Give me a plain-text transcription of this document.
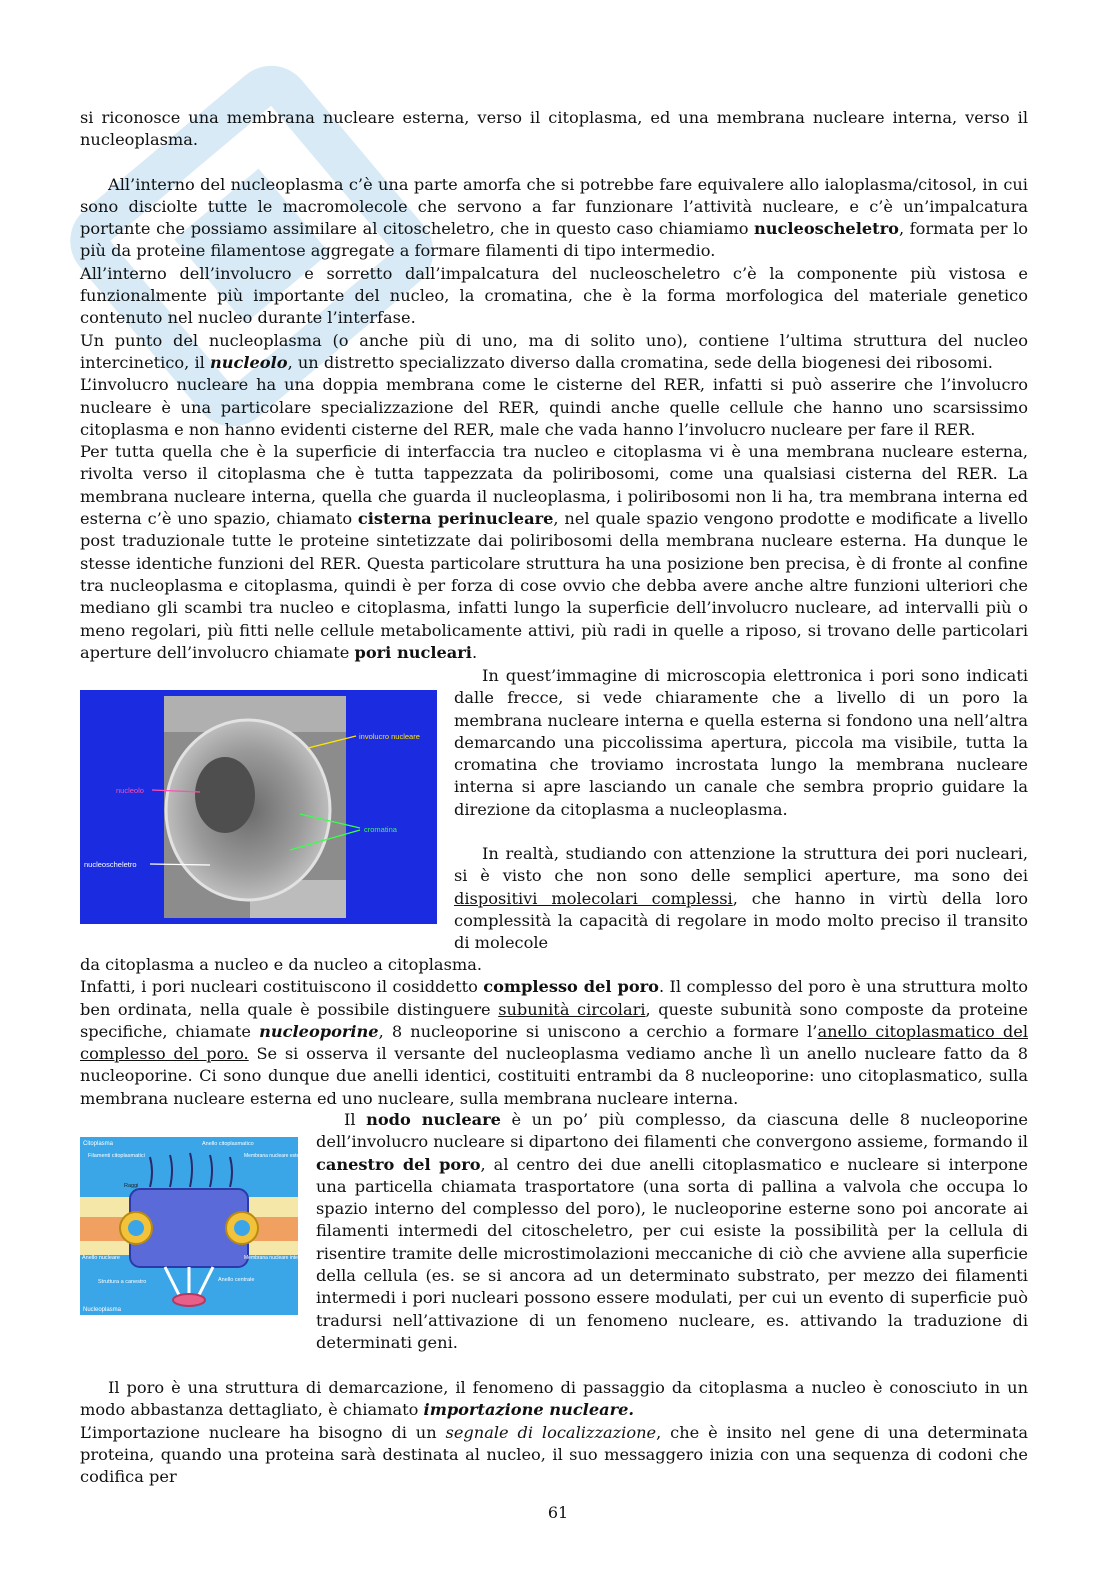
si riconosce una membrana nucleare esterna, verso il citoplasma, ed una membrana nucleare interna, verso il nucleoplasma.

All’interno del nucleoplasma c’è una parte amorfa che si potrebbe fare equivalere allo ialoplasma/citosol, in cui sono disciolte tutte le macromolecole che servono a far funzionare l’attività nucleare, e c’è un’impalcatura portante che possiamo assimilare al citoscheletro, che in questo caso chiamiamo nucleoscheletro, formata per lo più da proteine filamentose aggregate a formare filamenti di tipo intermedio.

All’interno dell’involucro e sorretto dall’impalcatura del nucleoscheletro c’è la componente più vistosa e funzionalmente più importante del nucleo, la cromatina, che è la forma morfologica del materiale genetico contenuto nel nucleo durante l’interfase.

Un punto del nucleoplasma (o anche più di uno, ma di solito uno), contiene l’ultima struttura del nucleo intercinetico, il nucleolo, un distretto specializzato diverso dalla cromatina, sede della biogenesi dei ribosomi.

L’involucro nucleare ha una doppia membrana come le cisterne del RER, infatti si può asserire che l’involucro nucleare è una particolare specializzazione del RER, quindi anche quelle cellule che hanno uno scarsissimo citoplasma e non hanno evidenti cisterne del RER, male che vada hanno l’involucro nucleare per fare il RER.

Per tutta quella che è la superficie di interfaccia tra nucleo e citoplasma vi è una membrana nucleare esterna, rivolta verso il citoplasma che è tutta tappezzata da poliribosomi, come una qualsiasi cisterna del RER. La membrana nucleare interna, quella che guarda il nucleoplasma, i poliribosomi non li ha, tra membrana interna ed esterna c’è uno spazio, chiamato cisterna perinucleare, nel quale spazio vengono prodotte e modificate a livello post traduzionale tutte le proteine sintetizzate dai poliribosomi della membrana nucleare esterna. Ha dunque le stesse identiche funzioni del RER. Questa particolare struttura ha una posizione ben precisa, è di fronte al confine tra nucleoplasma e citoplasma, quindi è per forza di cose ovvio che debba avere anche altre funzioni ulteriori che mediano gli scambi tra nucleo e citoplasma, infatti lungo la superficie dell’involucro nucleare, ad intervalli più o meno regolari, più fitti nelle cellule metabolicamente attivi, più radi in quelle a riposo, si trovano delle particolari aperture dell’involucro chiamate pori nucleari.

involucro nucleare
nucleolo
cromatina
nucleoscheletro

In quest’immagine di microscopia elettronica i pori sono indicati dalle frecce, si vede chiaramente che a livello di un poro la membrana nucleare interna e quella esterna si fondono una nell’altra demarcando una piccolissima apertura, piccola ma visibile, tutta la cromatina che troviamo incrostata lungo la membrana nucleare interna si apre lasciando un canale che sembra proprio guidare la direzione da citoplasma a nucleoplasma.

In realtà, studiando con attenzione la struttura dei pori nucleari, si è visto che non sono delle semplici aperture, ma sono dei dispositivi molecolari complessi, che hanno in virtù della loro complessità la capacità di regolare in modo molto preciso il transito di molecole

da citoplasma a nucleo e da nucleo a citoplasma.

Infatti, i pori nucleari costituiscono il cosiddetto complesso del poro. Il complesso del poro è una struttura molto ben ordinata, nella quale è possibile distinguere subunità circolari, queste subunità sono composte da proteine specifiche, chiamate nucleoporine, 8 nucleoporine si uniscono a cerchio a formare l’anello citoplasmatico del complesso del poro. Se si osserva il versante del nucleoplasma vediamo anche lì un anello nucleare fatto da 8 nucleoporine. Ci sono dunque due anelli identici, costituiti entrambi da 8 nucleoporine: uno citoplasmatico, sulla membrana nucleare esterna ed uno nucleare, sulla membrana nucleare interna.

Citoplasma	Anello citoplasmatico
Filamenti citoplasmatici	Membrana nucleare esterna
Raggi
Anello nucleare	Membrana nucleare interna
Struttura a canestro	Anello centrale
Nucleoplasma

Il nodo nucleare è un po’ più complesso, da ciascuna delle 8 nucleoporine dell’involucro nucleare si dipartono dei filamenti che convergono assieme, formando il canestro del poro, al centro dei due anelli citoplasmatico e nucleare si interpone una particella chiamata trasportatore (una sorta di pallina a valvola che occupa lo spazio interno del complesso del poro), le nucleoporine esterne sono poi ancorate ai filamenti intermedi del citoscheletro, per cui esiste la possibilità per la cellula di risentire tramite delle microstimolazioni meccaniche di ciò che avviene alla superficie della cellula (es. se si ancora ad un determinato substrato, per mezzo dei filamenti intermedi i pori nucleari possono essere modulati, per cui un evento di superficie può tradursi nell’attivazione di un fenomeno nucleare, es. attivando la traduzione di determinati geni.

Il poro è una struttura di demarcazione, il fenomeno di passaggio da citoplasma a nucleo è conosciuto in un modo abbastanza dettagliato, è chiamato importazione nucleare.

L’importazione nucleare ha bisogno di un segnale di localizzazione, che è insito nel gene di una determinata proteina, quando una proteina sarà destinata al nucleo, il suo messaggero inizia con una sequenza di codoni che codifica per

61
